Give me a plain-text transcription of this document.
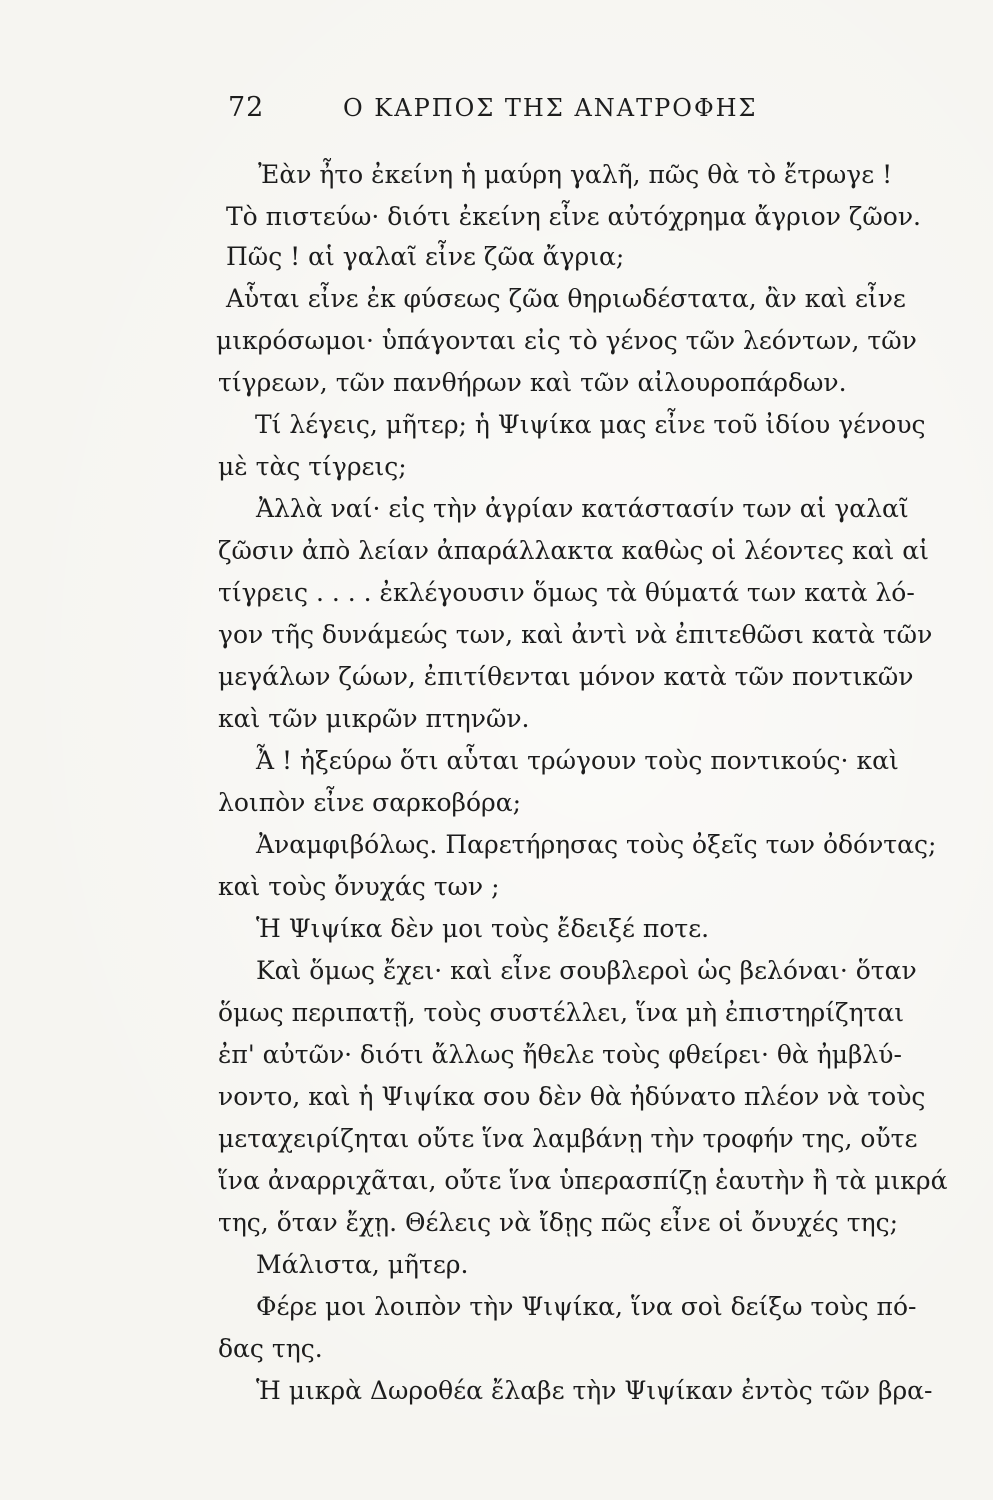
72	Ο ΚΑΡΠΟΣ ΤΗΣ ΑΝΑΤΡΟΦΗΣ
Ἐὰν ἦτο ἐκείνη ἡ μαύρη γαλῆ, πῶς θὰ τὸ ἔτρωγε !
Τὸ πιστεύω· διότι ἐκείνη εἶνε αὐτόχρημα ἄγριον ζῶον.
Πῶς ! αἱ γαλαῖ εἶνε ζῶα ἄγρια;
Αὗται εἶνε ἐκ φύσεως ζῶα θηριωδέστατα, ἂν καὶ εἶνε
μικρόσωμοι· ὑπάγονται εἰς τὸ γένος τῶν λεόντων, τῶν
τίγρεων, τῶν πανθήρων καὶ τῶν αἰλουροπάρδων.
Τί λέγεις, μῆτερ; ἡ Ψιψίκα μας εἶνε τοῦ ἰδίου γένους
μὲ τὰς τίγρεις;
Ἀλλὰ ναί· εἰς τὴν ἀγρίαν κατάστασίν των αἱ γαλαῖ
ζῶσιν ἀπὸ λείαν ἀπαράλλακτα καθὼς οἱ λέοντες καὶ αἱ
τίγρεις . . . . ἐκλέγουσιν ὅμως τὰ θύματά των κατὰ λό-
γον τῆς δυνάμεώς των, καὶ ἀντὶ νὰ ἐπιτεθῶσι κατὰ τῶν
μεγάλων ζώων, ἐπιτίθενται μόνον κατὰ τῶν ποντικῶν
καὶ τῶν μικρῶν πτηνῶν.
Ἆ ! ἠξεύρω ὅτι αὗται τρώγουν τοὺς ποντικούς· καὶ
λοιπὸν εἶνε σαρκοβόρα;
Ἀναμφιβόλως. Παρετήρησας τοὺς ὀξεῖς των ὀδόντας;
καὶ τοὺς ὄνυχάς των ;
Ἡ Ψιψίκα δὲν μοι τοὺς ἔδειξέ ποτε.
Καὶ ὅμως ἔχει· καὶ εἶνε σουβλεροὶ ὡς βελόναι· ὅταν
ὅμως περιπατῇ, τοὺς συστέλλει, ἵνα μὴ ἐπιστηρίζηται
ἐπ' αὐτῶν· διότι ἄλλως ἤθελε τοὺς φθείρει· θὰ ἠμβλύ-
νοντο, καὶ ἡ Ψιψίκα σου δὲν θὰ ἠδύνατο πλέον νὰ τοὺς
μεταχειρίζηται οὔτε ἵνα λαμβάνῃ τὴν τροφήν της, οὔτε
ἵνα ἀναρριχᾶται, οὔτε ἵνα ὑπερασπίζῃ ἑαυτὴν ἢ τὰ μικρά
της, ὅταν ἔχῃ. Θέλεις νὰ ἴδῃς πῶς εἶνε οἱ ὄνυχές της;
Μάλιστα, μῆτερ.
Φέρε μοι λοιπὸν τὴν Ψιψίκα, ἵνα σοὶ δείξω τοὺς πό-
δας της.
Ἡ μικρὰ Δωροθέα ἔλαβε τὴν Ψιψίκαν ἐντὸς τῶν βρα-
